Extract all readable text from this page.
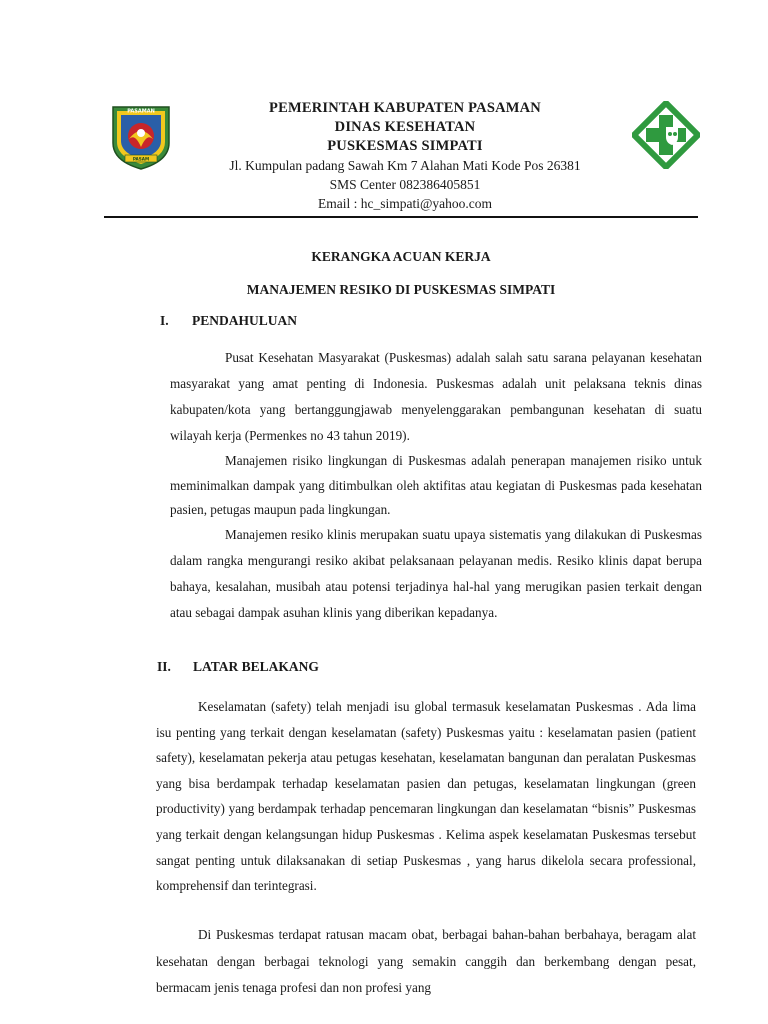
PASAMAN
PASAM
PEMERINTAH KABUPATEN PASAMAN
DINAS KESEHATAN
PUSKESMAS SIMPATI
Jl. Kumpulan padang Sawah Km 7 Alahan Mati Kode Pos 26381
SMS Center 082386405851
Email : hc_simpati@yahoo.com
KERANGKA ACUAN KERJA
MANAJEMEN RESIKO DI PUSKESMAS SIMPATI
I. PENDAHULUAN

Pusat Kesehatan Masyarakat (Puskesmas) adalah salah satu sarana pelayanan kesehatan masyarakat yang amat penting di Indonesia. Puskesmas adalah unit pelaksana teknis dinas kabupaten/kota yang bertanggungjawab menyelenggarakan pembangunan kesehatan di suatu wilayah kerja (Permenkes no 43 tahun 2019).

Manajemen risiko lingkungan di Puskesmas adalah penerapan manajemen risiko untuk meminimalkan dampak yang ditimbulkan oleh aktifitas atau kegiatan di Puskesmas pada kesehatan pasien, petugas maupun pada lingkungan.

Manajemen resiko klinis merupakan suatu upaya sistematis yang dilakukan di Puskesmas dalam rangka mengurangi resiko akibat pelaksanaan pelayanan medis. Resiko klinis dapat berupa bahaya, kesalahan, musibah atau potensi terjadinya hal-hal yang merugikan pasien terkait dengan atau sebagai dampak asuhan klinis yang diberikan kepadanya.

II. LATAR BELAKANG

Keselamatan (safety) telah menjadi isu global termasuk keselamatan Puskesmas . Ada lima isu penting yang terkait dengan keselamatan (safety) Puskesmas yaitu : keselamatan pasien (patient safety), keselamatan pekerja atau petugas kesehatan, keselamatan bangunan dan peralatan Puskesmas yang bisa berdampak terhadap keselamatan pasien dan petugas, keselamatan lingkungan (green productivity) yang berdampak terhadap pencemaran lingkungan dan keselamatan “bisnis” Puskesmas yang terkait dengan kelangsungan hidup Puskesmas . Kelima aspek keselamatan Puskesmas tersebut sangat penting untuk dilaksanakan di setiap Puskesmas , yang harus dikelola secara professional, komprehensif dan terintegrasi.

Di Puskesmas terdapat ratusan macam obat, berbagai bahan-bahan berbahaya, beragam alat kesehatan dengan berbagai teknologi yang semakin canggih dan berkembang dengan pesat, bermacam jenis tenaga profesi dan non profesi yang
